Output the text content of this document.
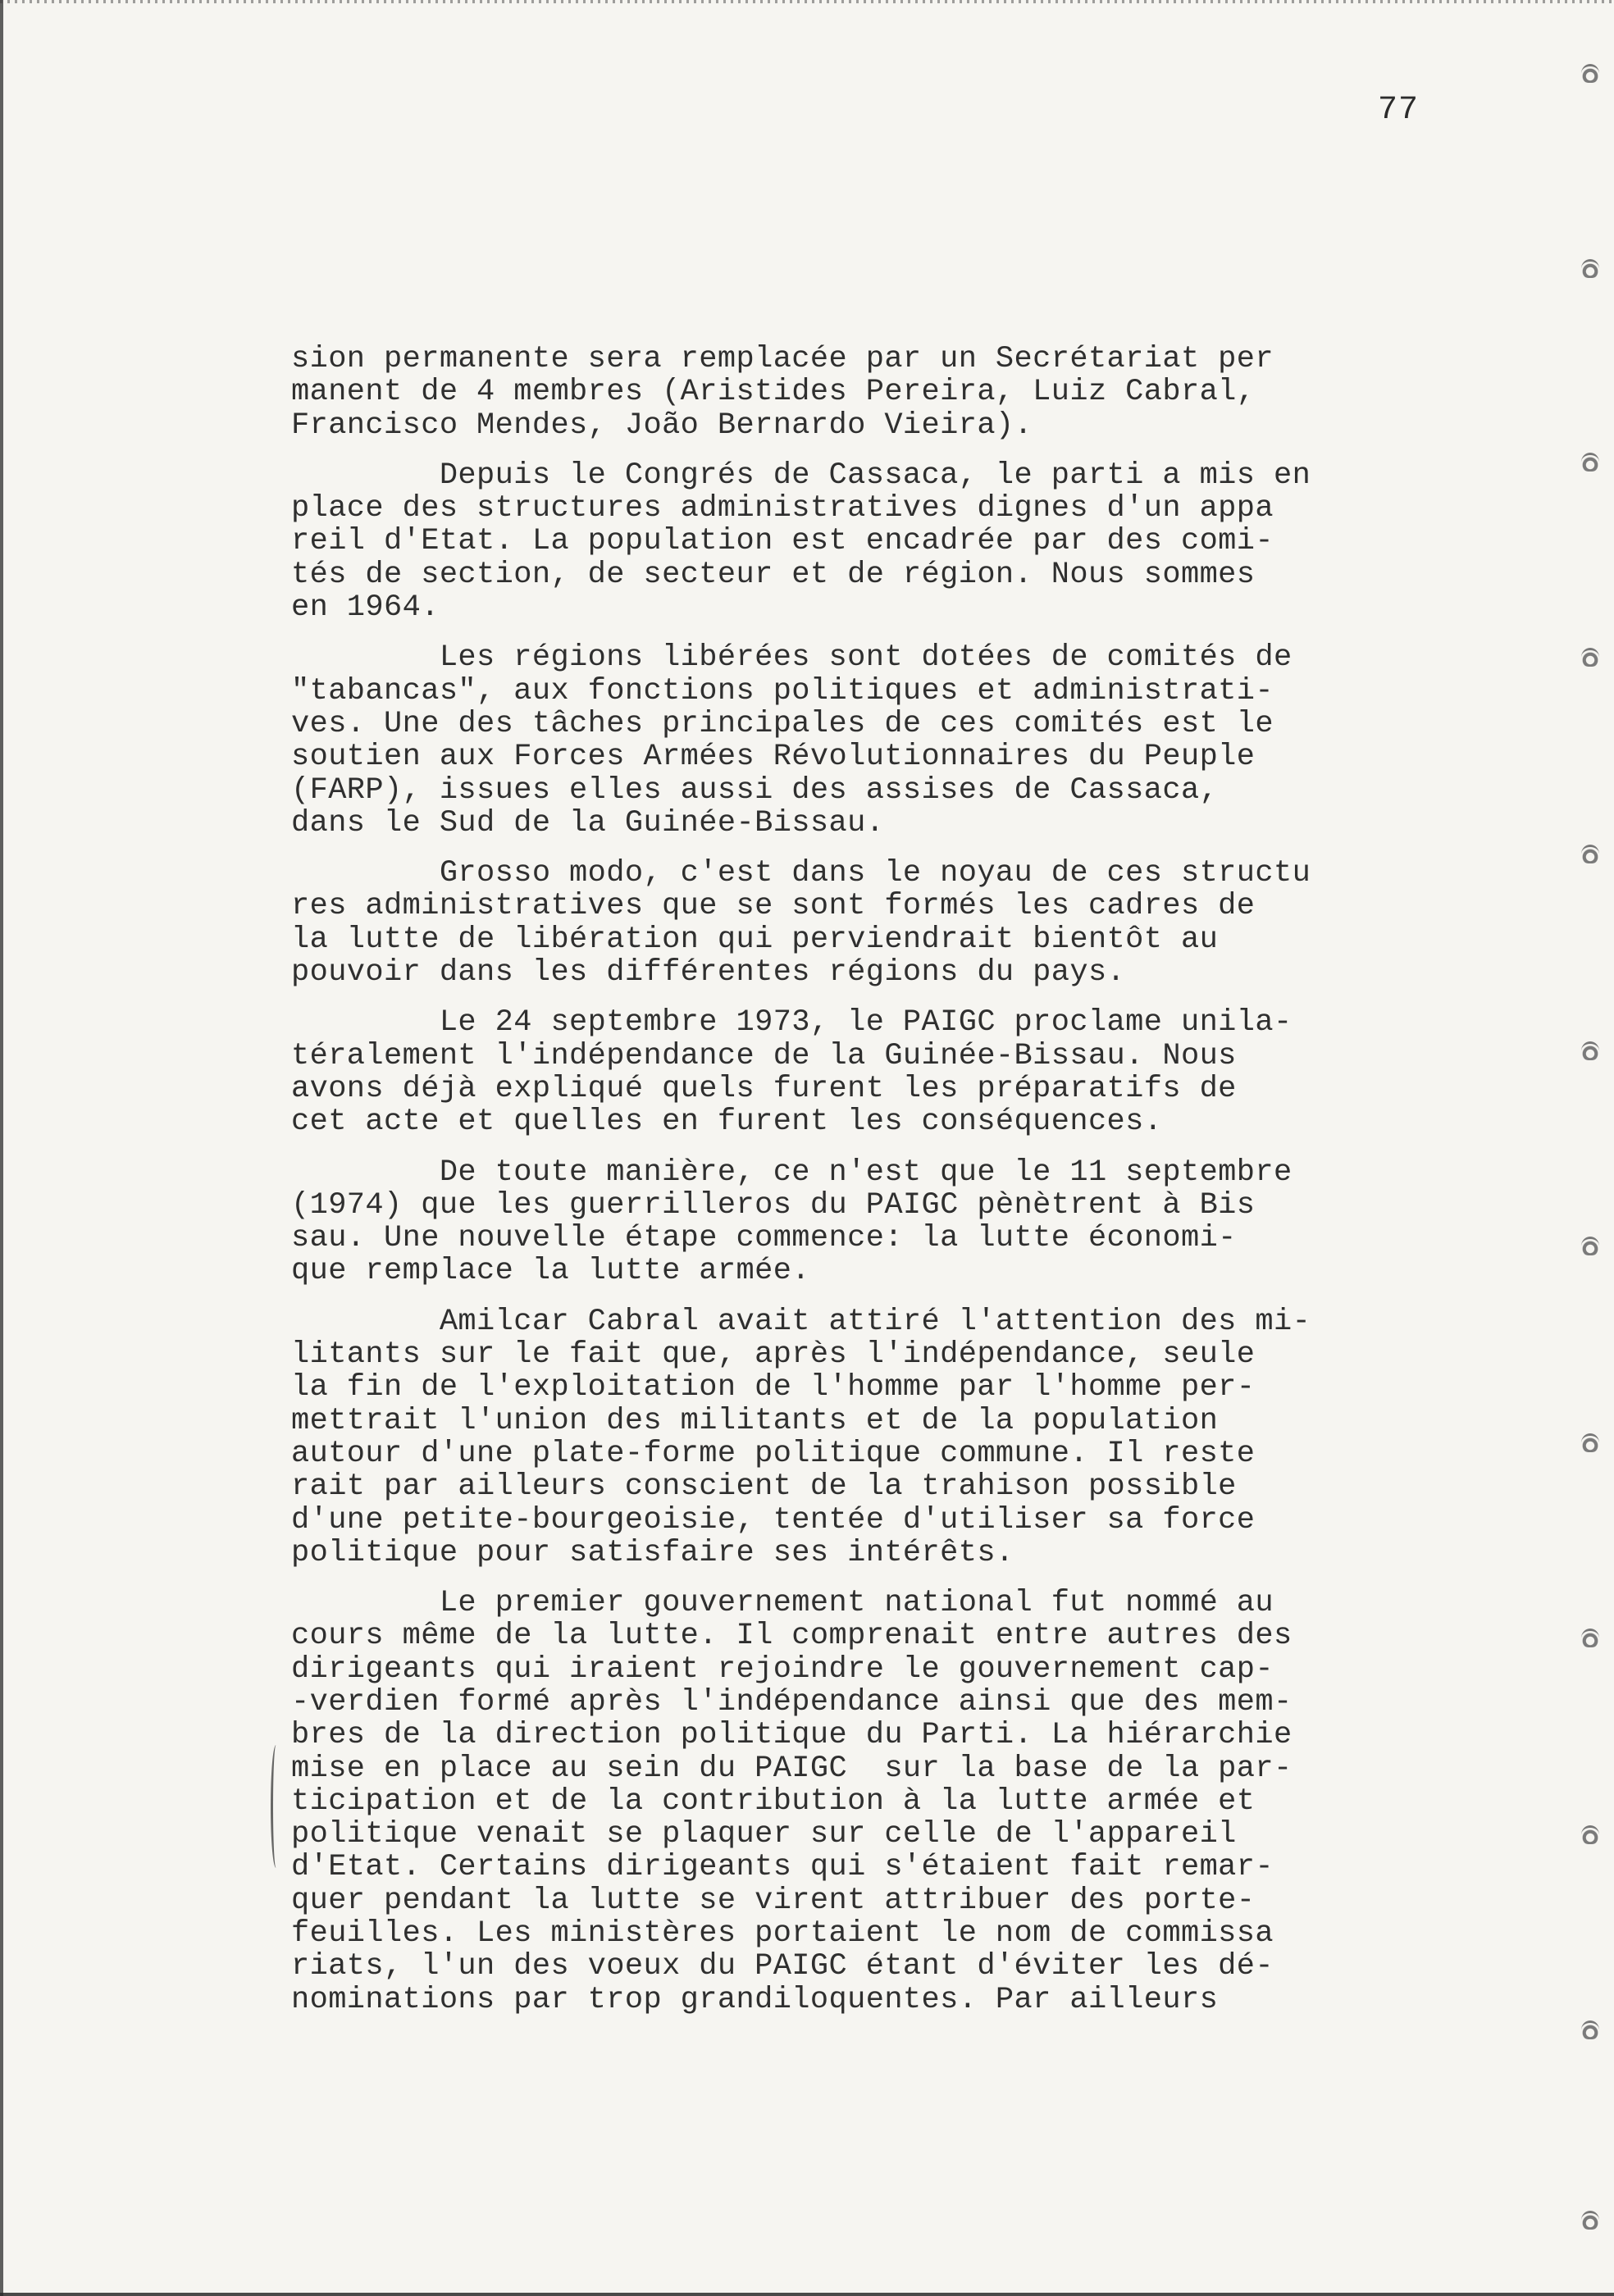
77
sion permanente sera remplacée par un Secrétariat per
manent de 4 membres (Aristides Pereira, Luiz Cabral,
Francisco Mendes, João Bernardo Vieira).
Depuis le Congrés de Cassaca, le parti a mis en
place des structures administratives dignes d'un appa
reil d'Etat. La population est encadrée par des comi-
tés de section, de secteur et de région. Nous sommes
en 1964.
Les régions libérées sont dotées de comités de
"tabancas", aux fonctions politiques et administrati-
ves. Une des tâches principales de ces comités est le
soutien aux Forces Armées Révolutionnaires du Peuple
(FARP), issues elles aussi des assises de Cassaca,
dans le Sud de la Guinée-Bissau.
Grosso modo, c'est dans le noyau de ces structu
res administratives que se sont formés les cadres de
la lutte de libération qui perviendrait bientôt au
pouvoir dans les différentes régions du pays.
Le 24 septembre 1973, le PAIGC proclame unila-
téralement l'indépendance de la Guinée-Bissau. Nous
avons déjà expliqué quels furent les préparatifs de
cet acte et quelles en furent les conséquences.
De toute manière, ce n'est que le 11 septembre
(1974) que les guerrilleros du PAIGC pènètrent à Bis
sau. Une nouvelle étape commence: la lutte économi-
que remplace la lutte armée.
Amilcar Cabral avait attiré l'attention des mi-
litants sur le fait que, après l'indépendance, seule
la fin de l'exploitation de l'homme par l'homme per-
mettrait l'union des militants et de la population
autour d'une plate-forme politique commune. Il reste
rait par ailleurs conscient de la trahison possible
d'une petite-bourgeoisie, tentée d'utiliser sa force
politique pour satisfaire ses intérêts.
Le premier gouvernement national fut nommé au
cours même de la lutte. Il comprenait entre autres des
dirigeants qui iraient rejoindre le gouvernement cap-
-verdien formé après l'indépendance ainsi que des mem-
bres de la direction politique du Parti. La hiérarchie
mise en place au sein du PAIGC  sur la base de la par-
ticipation et de la contribution à la lutte armée et
politique venait se plaquer sur celle de l'appareil
d'Etat. Certains dirigeants qui s'étaient fait remar-
quer pendant la lutte se virent attribuer des porte-
feuilles. Les ministères portaient le nom de commissa
riats, l'un des voeux du PAIGC étant d'éviter les dé-
nominations par trop grandiloquentes. Par ailleurs
